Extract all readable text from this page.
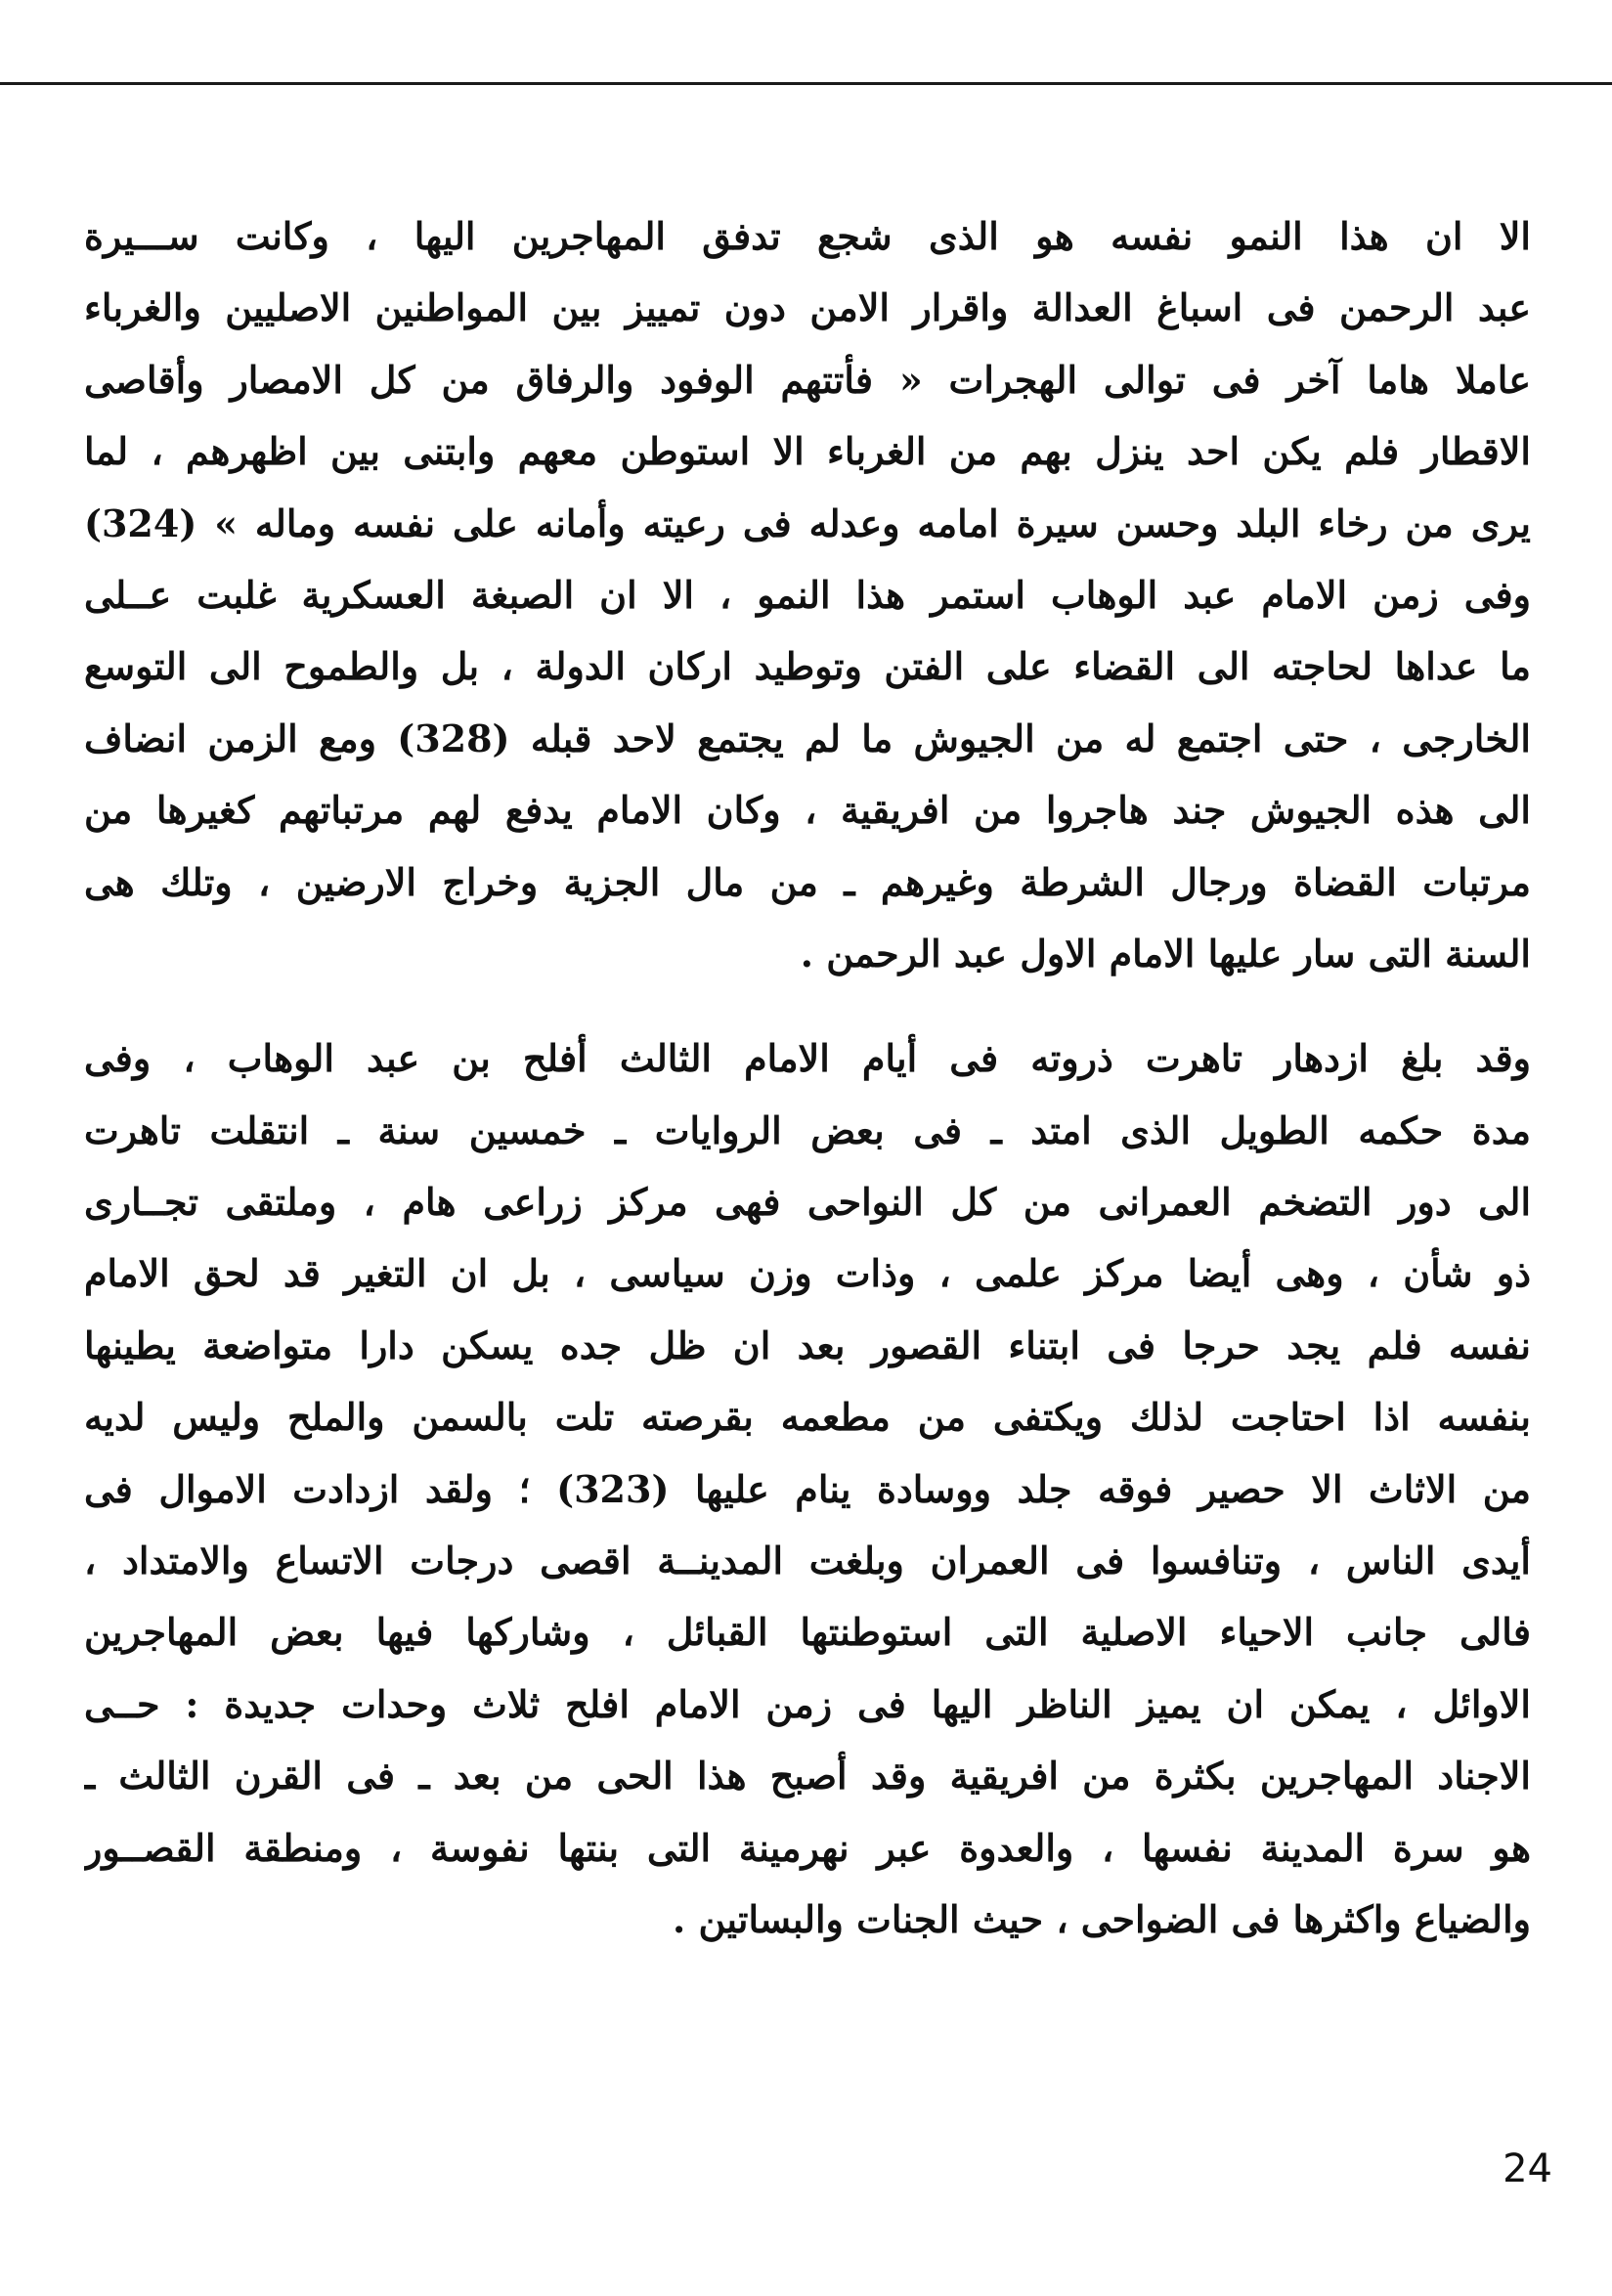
الا ان هذا النمو نفسه هو الذى شجع تدفق المهاجرين اليها ، وكانت ســـيرة
عبد الرحمن فى اسباغ العدالة واقرار الامن دون تمييز بين المواطنين الاصليين والغرباء
عاملا هاما آخر فى توالى الهجرات « فأتتهم الوفود والرفاق من كل الامصار وأقاصى
الاقطار فلم يكن احد ينزل بهم من الغرباء الا استوطن معهم وابتنى بين اظهرهم ، لما
يرى من رخاء البلد وحسن سيرة امامه وعدله فى رعيته وأمانه على نفسه وماله » (324)
وفى زمن الامام عبد الوهاب استمر هذا النمو ، الا ان الصبغة العسكرية غلبت عــلى
ما عداها لحاجته الى القضاء على الفتن وتوطيد اركان الدولة ، بل والطموح الى التوسع
الخارجى ، حتى اجتمع له من الجيوش ما لم يجتمع لاحد قبله (328) ومع الزمن انضاف
الى هذه الجيوش جند هاجروا من افريقية ، وكان الامام يدفع لهم مرتباتهم كغيرها من
مرتبات القضاة ورجال الشرطة وغيرهم ـ من مال الجزية وخراج الارضين ، وتلك هى
السنة التى سار عليها الامام الاول عبد الرحمن .
وقد بلغ ازدهار تاهرت ذروته فى أيام الامام الثالث أفلح بن عبد الوهاب ، وفى
مدة حكمه الطويل الذى امتد ـ فى بعض الروايات ـ خمسين سنة ـ انتقلت تاهرت
الى دور التضخم العمرانى من كل النواحى فهى مركز زراعى هام ، وملتقى تجــارى
ذو شأن ، وهى أيضا مركز علمى ، وذات وزن سياسى ، بل ان التغير قد لحق الامام
نفسه فلم يجد حرجا فى ابتناء القصور بعد ان ظل جده يسكن دارا متواضعة يطينها
بنفسه اذا احتاجت لذلك ويكتفى من مطعمه بقرصته تلت بالسمن والملح وليس لديه
من الاثاث الا حصير فوقه جلد ووسادة ينام عليها (323) ؛ ولقد ازدادت الاموال فى
أيدى الناس ، وتنافسوا فى العمران وبلغت المدينــة اقصى درجات الاتساع والامتداد ،
فالى جانب الاحياء الاصلية التى استوطنتها القبائل ، وشاركها فيها بعض المهاجرين
الاوائل ، يمكن ان يميز الناظر اليها فى زمن الامام افلح ثلاث وحدات جديدة : حــى
الاجناد المهاجرين بكثرة من افريقية وقد أصبح هذا الحى من بعد ـ فى القرن الثالث ـ
هو سرة المدينة نفسها ، والعدوة عبر نهرمينة التى بنتها نفوسة ، ومنطقة القصــور
والضياع واكثرها فى الضواحى ، حيث الجنات والبساتين .
24
